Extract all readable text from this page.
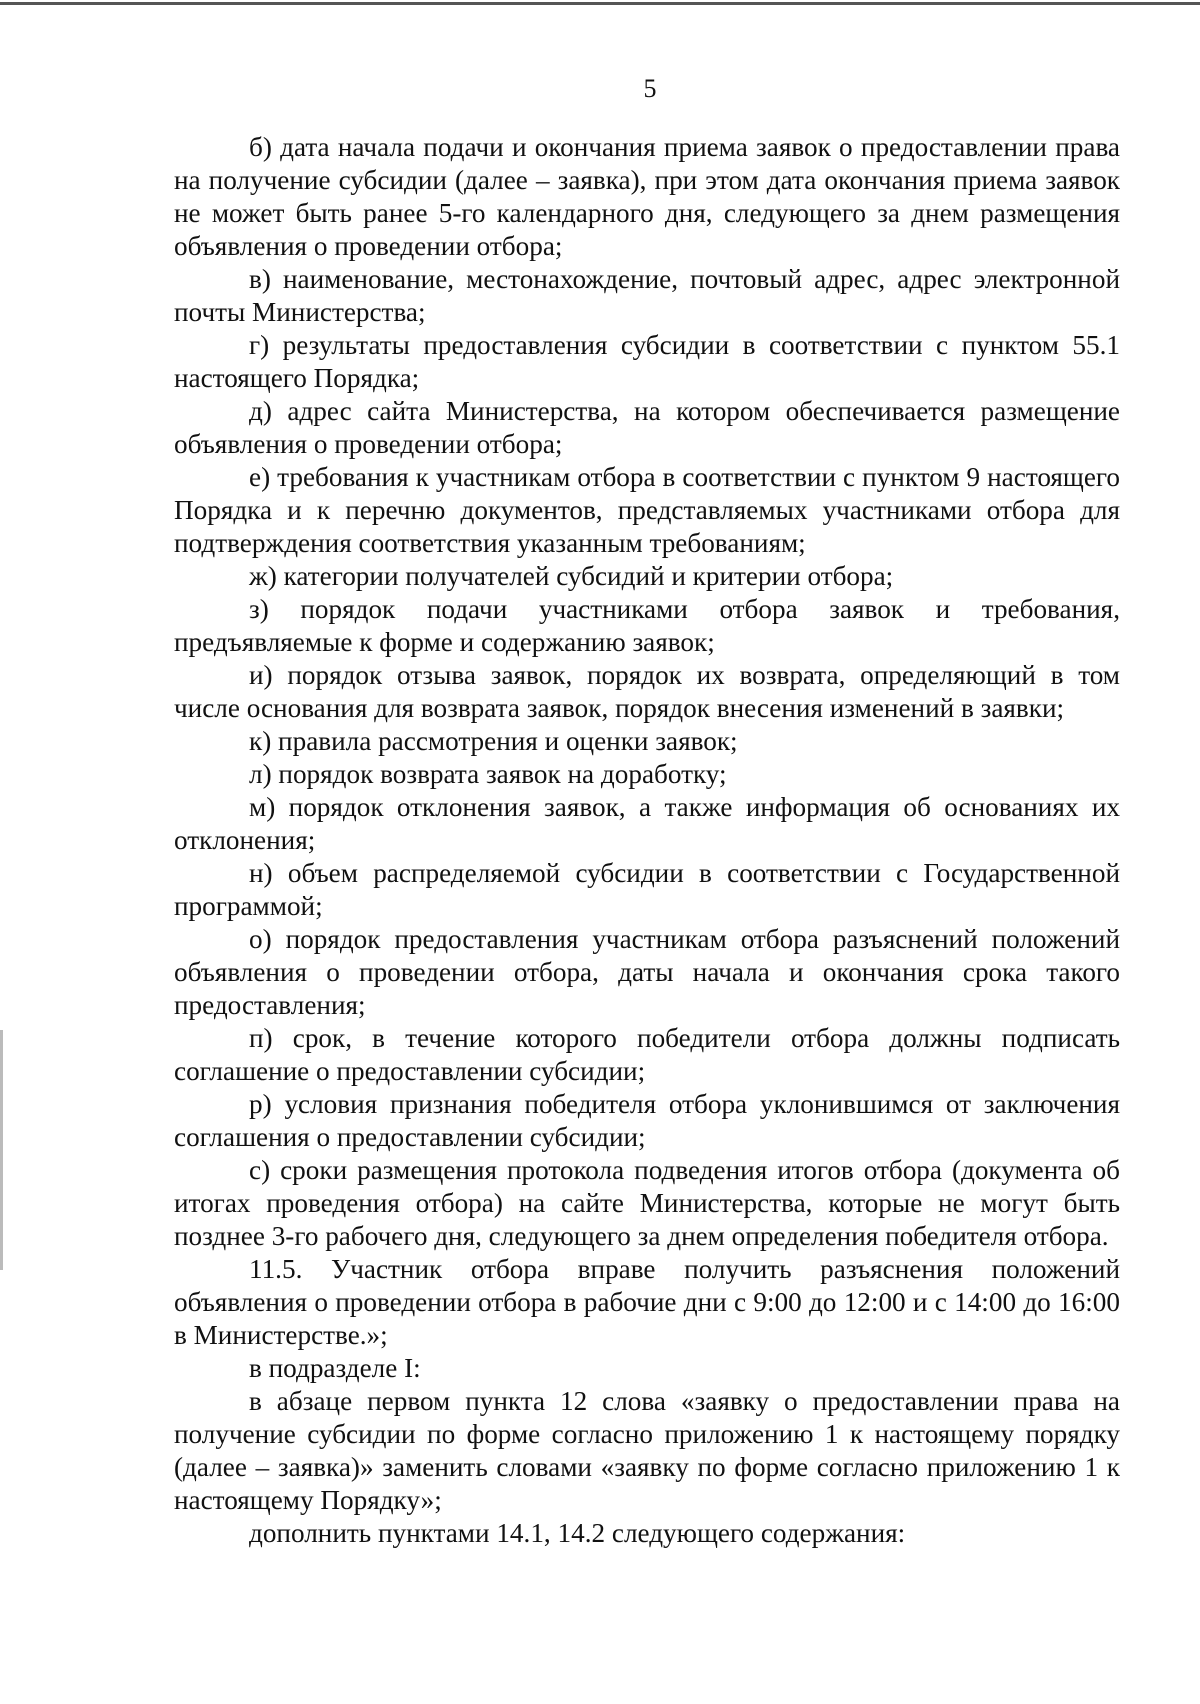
5

б) дата начала подачи и окончания приема заявок о предоставлении права на получение субсидии (далее – заявка), при этом дата окончания приема заявок не может быть ранее 5-го календарного дня, следующего за днем размещения объявления о проведении отбора;

в) наименование, местонахождение, почтовый адрес, адрес электронной почты Министерства;

г) результаты предоставления субсидии в соответствии с пунктом 55.1 настоящего Порядка;

д) адрес сайта Министерства, на котором обеспечивается размещение объявления о проведении отбора;

е) требования к участникам отбора в соответствии с пунктом 9 настоящего Порядка и к перечню документов, представляемых участниками отбора для подтверждения соответствия указанным требованиям;

ж) категории получателей субсидий и критерии отбора;

з) порядок подачи участниками отбора заявок и требования, предъявляемые к форме и содержанию заявок;

и) порядок отзыва заявок, порядок их возврата, определяющий в том числе основания для возврата заявок, порядок внесения изменений в заявки;

к) правила рассмотрения и оценки заявок;

л) порядок возврата заявок на доработку;

м) порядок отклонения заявок, а также информация об основаниях их отклонения;

н) объем распределяемой субсидии в соответствии с Государственной программой;

о) порядок предоставления участникам отбора разъяснений положений объявления о проведении отбора, даты начала и окончания срока такого предоставления;

п) срок, в течение которого победители отбора должны подписать соглашение о предоставлении субсидии;

р) условия признания победителя отбора уклонившимся от заключения соглашения о предоставлении субсидии;

с) сроки размещения протокола подведения итогов отбора (документа об итогах проведения отбора) на сайте Министерства, которые не могут быть позднее 3-го рабочего дня, следующего за днем определения победителя отбора.

11.5. Участник отбора вправе получить разъяснения положений объявления о проведении отбора в рабочие дни с 9:00 до 12:00 и с 14:00 до 16:00 в Министерстве.»;

в подразделе I:

в абзаце первом пункта 12 слова «заявку о предоставлении права на получение субсидии по форме согласно приложению 1 к настоящему порядку (далее – заявка)» заменить словами «заявку по форме согласно приложению 1 к настоящему Порядку»;

дополнить пунктами 14.1, 14.2 следующего содержания:
